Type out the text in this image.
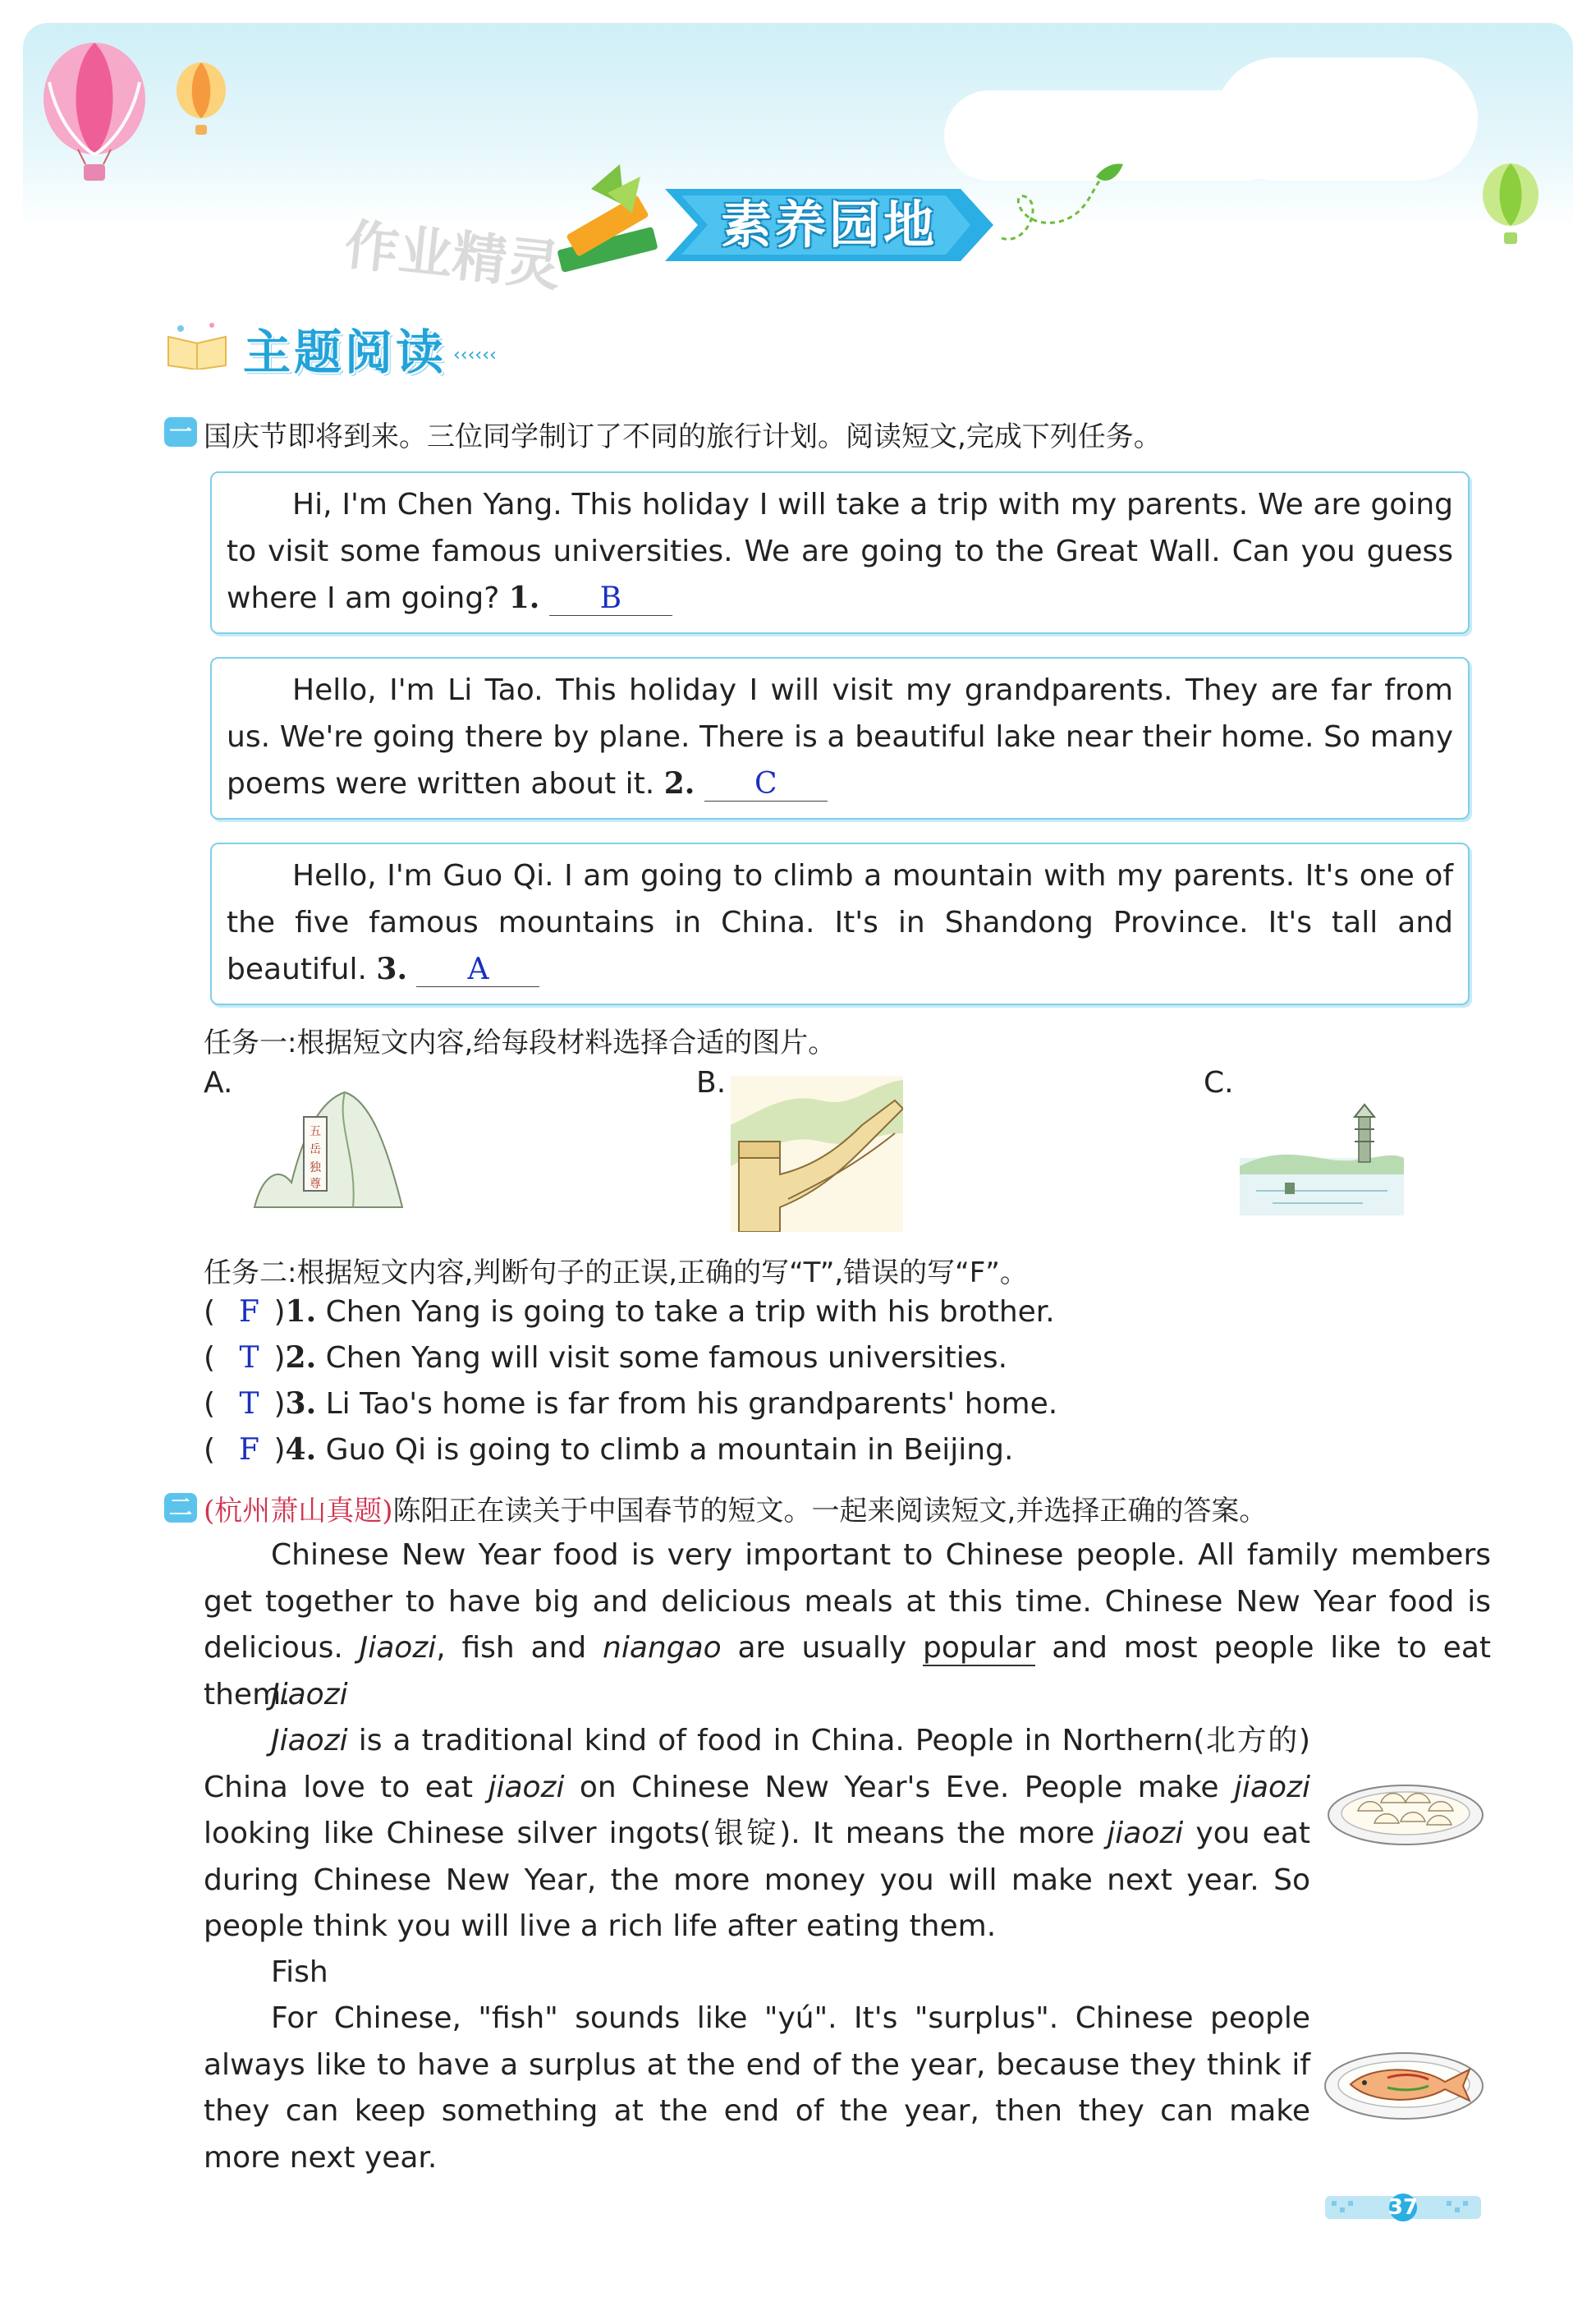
素养园地
作业精灵
主题阅读 ‹‹‹‹‹‹
一 国庆节即将到来。三位同学制订了不同的旅行计划。阅读短文,完成下列任务。
Hi, I'm Chen Yang. This holiday I will take a trip with my parents. We are going to visit some famous universities. We are going to the Great Wall. Can you guess where I am going? 1. B
Hello, I'm Li Tao. This holiday I will visit my grandparents. They are far from us. We're going there by plane. There is a beautiful lake near their home. So many poems were written about it. 2. C
Hello, I'm Guo Qi. I am going to climb a mountain with my parents. It's one of the five famous mountains in China. It's in Shandong Province. It's tall and beautiful. 3. A
任务一:根据短文内容,给每段材料选择合适的图片。
A.
五
岳
独
尊
B.	C.
任务二:根据短文内容,判断句子的正误,正确的写“T”,错误的写“F”。
( F )1. Chen Yang is going to take a trip with his brother.
( T )2. Chen Yang will visit some famous universities.
( T )3. Li Tao's home is far from his grandparents' home.
( F )4. Guo Qi is going to climb a mountain in Beijing.
二 (杭州萧山真题)陈阳正在读关于中国春节的短文。一起来阅读短文,并选择正确的答案。

Chinese New Year food is very important to Chinese people. All family members get together to have big and delicious meals at this time. Chinese New Year food is delicious. Jiaozi, fish and niangao are usually popular and most people like to eat them.

Jiaozi

Jiaozi is a traditional kind of food in China. People in Northern(北方的) China love to eat jiaozi on Chinese New Year's Eve. People make jiaozi looking like Chinese silver ingots(银锭). It means the more jiaozi you eat during Chinese New Year, the more money you will make next year. So people think you will live a rich life after eating them.

Fish

For Chinese, "fish" sounds like "yú". It's "surplus". Chinese people always like to have a surplus at the end of the year, because they think if they can keep something at the end of the year, then they can make more next year.

37
